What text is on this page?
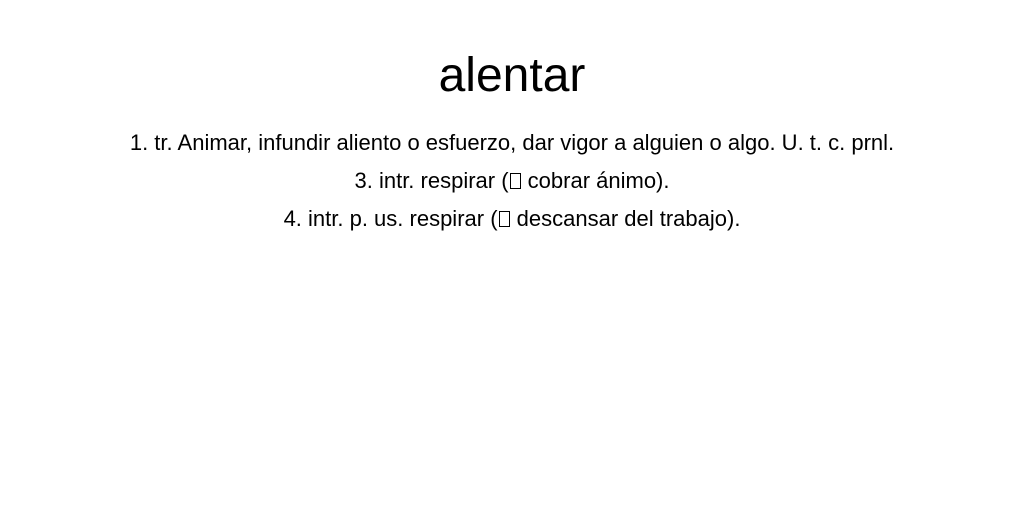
alentar
1. tr. Animar, infundir aliento o esfuerzo, dar vigor a alguien o algo. U. t. c. prnl.
3. intr. respirar ( cobrar ánimo).
4. intr. p. us. respirar ( descansar del trabajo).
